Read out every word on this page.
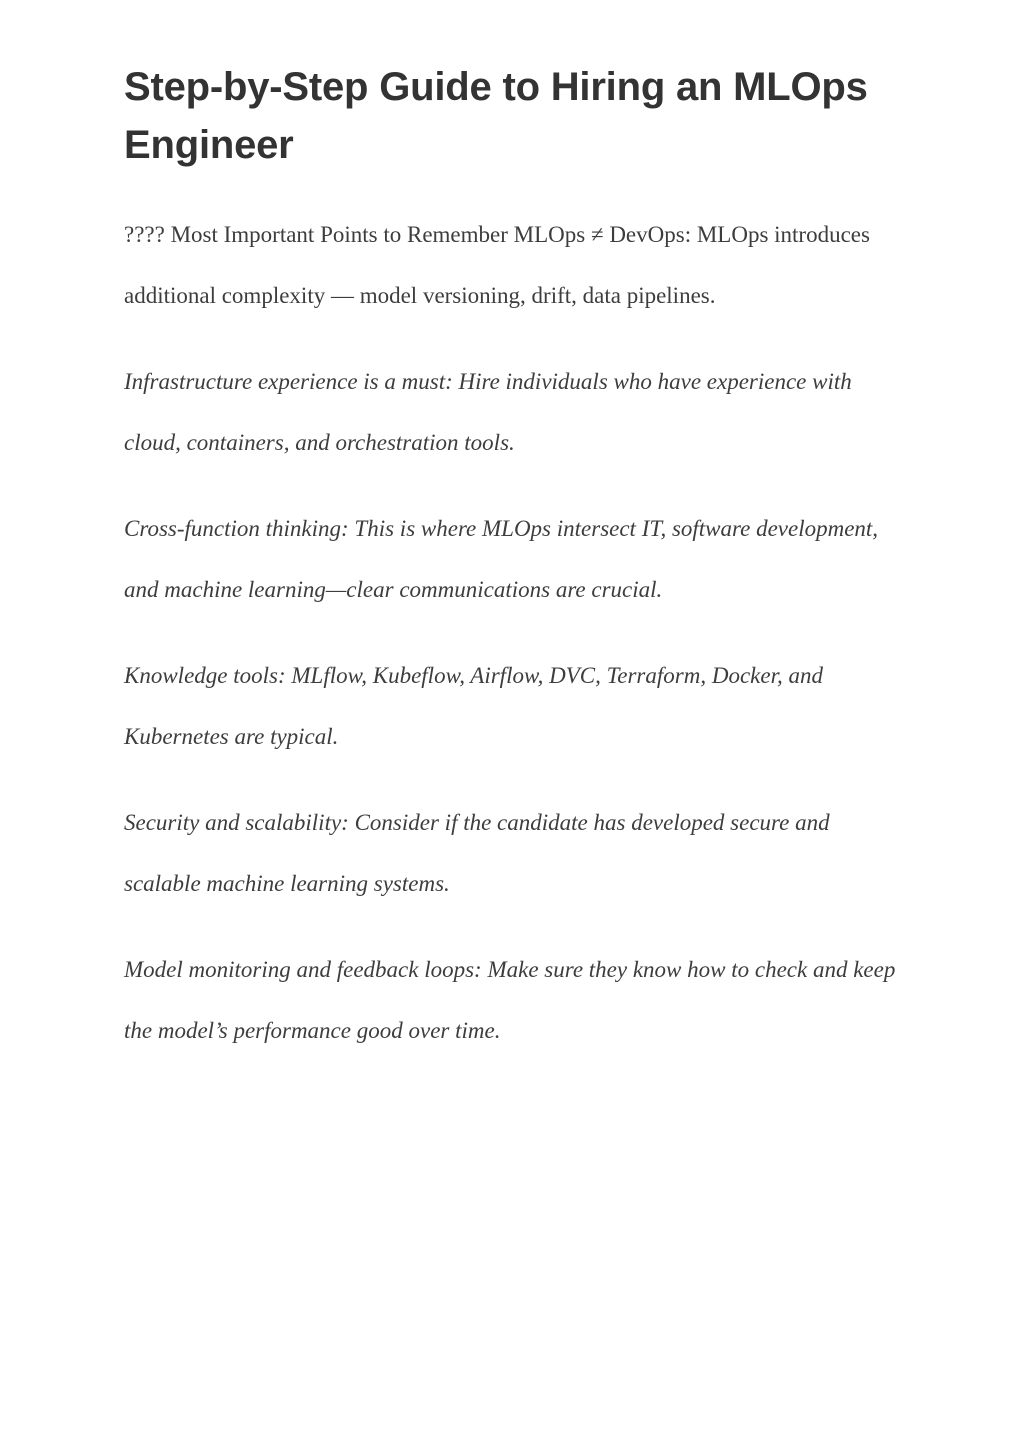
Step-by-Step Guide to Hiring an MLOps Engineer

???? Most Important Points to Remember MLOps ≠ DevOps: MLOps introduces additional complexity — model versioning, drift, data pipelines.

Infrastructure experience is a must: Hire individuals who have experience with cloud, containers, and orchestration tools.

Cross-function thinking: This is where MLOps intersect IT, software development, and machine learning—clear communications are crucial.

Knowledge tools: MLflow, Kubeflow, Airflow, DVC, Terraform, Docker, and Kubernetes are typical.

Security and scalability: Consider if the candidate has developed secure and scalable machine learning systems.

Model monitoring and feedback loops: Make sure they know how to check and keep the model’s performance good over time.
